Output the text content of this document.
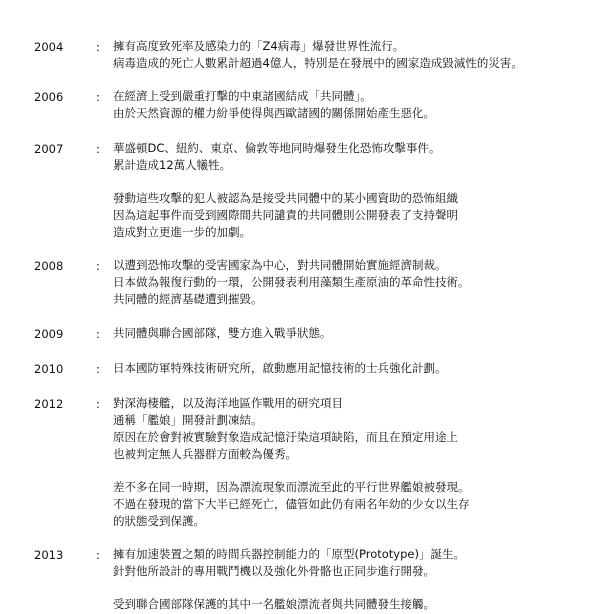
2004	:	擁有高度致死率及感染力的「Z4病毒」爆發世界性流行。
病毒造成的死亡人數累計超過4億人，特別是在發展中的國家造成毀滅性的災害。
2006	:	在經濟上受到嚴重打擊的中東諸國結成「共同體」。
由於天然資源的權力紛爭使得與西歐諸國的關係開始產生惡化。
2007	:	華盛頓DC、紐約、東京、倫敦等地同時爆發生化恐怖攻擊事件。
累計造成12萬人犧牲。
發動這些攻擊的犯人被認為是接受共同體中的某小國資助的恐怖組織
因為這起事件而受到國際間共同譴責的共同體則公開發表了支持聲明
造成對立更進一步的加劇。
2008	:	以遭到恐怖攻擊的受害國家為中心，對共同體開始實施經濟制裁。
日本做為報復行動的一環，公開發表利用藻類生產原油的革命性技術。
共同體的經濟基礎遭到摧毀。
2009	:	共同體與聯合國部隊，雙方進入戰爭狀態。
2010	:	日本國防軍特殊技術研究所，啟動應用記憶技術的士兵強化計劃。
2012	:	對深海棲艦，以及海洋地區作戰用的研究項目
通稱「艦娘」開發計劃凍結。
原因在於會對被實驗對象造成記憶汙染這項缺陷，而且在預定用途上
也被判定無人兵器群方面較為優秀。
差不多在同一時期，因為漂流現象而漂流至此的平行世界艦娘被發現。
不過在發現的當下大半已經死亡，儘管如此仍有兩名年幼的少女以生存
的狀態受到保護。
2013	:	擁有加速裝置之類的時間兵器控制能力的「原型(Prototype)」誕生。
針對他所設計的專用戰鬥機以及強化外骨骼也正同步進行開發。
受到聯合國部隊保護的其中一名艦娘漂流者與共同體發生接觸。
